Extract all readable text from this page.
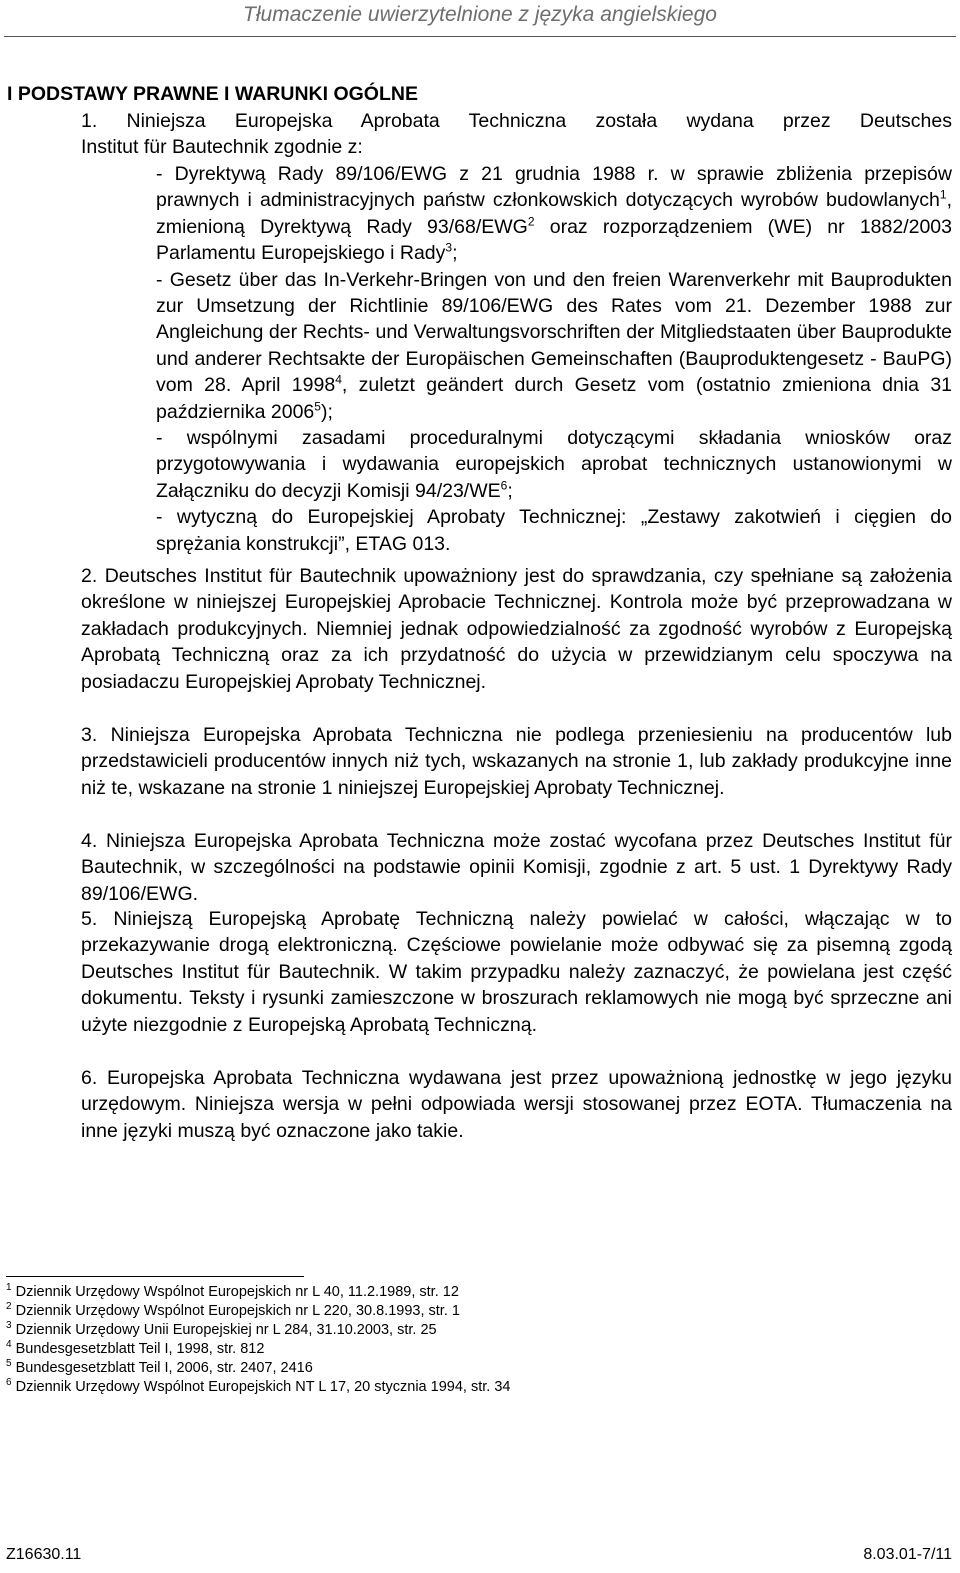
Tłumaczenie uwierzytelnione z języka angielskiego
I PODSTAWY PRAWNE I WARUNKI OGÓLNE

1. Niniejsza Europejska Aprobata Techniczna została wydana przez Deutsches

Institut für Bautechnik zgodnie z:

- Dyrektywą Rady 89/106/EWG z 21 grudnia 1988 r. w sprawie zbliżenia przepisów prawnych i administracyjnych państw członkowskich dotyczących wyrobów budowlanych$^1$, zmienioną Dyrektywą Rady 93/68/EWG$^2$ oraz rozporządzeniem (WE) nr 1882/2003 Parlamentu Europejskiego i Rady$^3$;

- Gesetz über das In-Verkehr-Bringen von und den freien Warenverkehr mit Bauprodukten zur Umsetzung der Richtlinie 89/106/EWG des Rates vom 21. Dezember 1988 zur Angleichung der Rechts- und Verwaltungsvorschriften der Mitgliedstaaten über Bauprodukte und anderer Rechtsakte der Europäischen Gemeinschaften (Bauproduktengesetz - BauPG) vom 28. April 1998$^4$, zuletzt geändert durch Gesetz vom (ostatnio zmieniona dnia 31 października 2006$^5$);

- wspólnymi zasadami proceduralnymi dotyczącymi składania wniosków oraz przygotowywania i wydawania europejskich aprobat technicznych ustanowionymi w Załączniku do decyzji Komisji $94/23/WE^6$;

- wytyczną do Europejskiej Aprobaty Technicznej: „Zestawy zakotwień i cięgien do sprężania konstrukcji”, ETAG 013.

2. Deutsches Institut für Bautechnik upoważniony jest do sprawdzania, czy spełniane są założenia określone w niniejszej Europejskiej Aprobacie Technicznej. Kontrola może być przeprowadzana w zakładach produkcyjnych. Niemniej jednak odpowiedzialność za zgodność wyrobów z Europejską Aprobatą Techniczną oraz za ich przydatność do użycia w przewidzianym celu spoczywa na posiadaczu Europejskiej Aprobaty Technicznej.
3. Niniejsza Europejska Aprobata Techniczna nie podlega przeniesieniu na producentów lub przedstawicieli producentów innych niż tych, wskazanych na stronie 1, lub zakłady produkcyjne inne niż te, wskazane na stronie 1 niniejszej Europejskiej Aprobaty Technicznej.
4. Niniejsza Europejska Aprobata Techniczna może zostać wycofana przez Deutsches Institut für Bautechnik, w szczególności na podstawie opinii Komisji, zgodnie z art. 5 ust. 1 Dyrektywy Rady 89/106/EWG.
5. Niniejszą Europejską Aprobatę Techniczną należy powielać w całości, włączając w to przekazywanie drogą elektroniczną. Częściowe powielanie może odbywać się za pisemną zgodą Deutsches Institut für Bautechnik. W takim przypadku należy zaznaczyć, że powielana jest część dokumentu. Teksty i rysunki zamieszczone w broszurach reklamowych nie mogą być sprzeczne ani użyte niezgodnie z Europejską Aprobatą Techniczną.
6. Europejska Aprobata Techniczna wydawana jest przez upoważnioną jednostkę w jego języku urzędowym. Niniejsza wersja w pełni odpowiada wersji stosowanej przez EOTA. Tłumaczenia na inne języki muszą być oznaczone jako takie.
$^1$ Dziennik Urzędowy Wspólnot Europejskich nr L 40, 11.2.1989, str. 12
$^2$ Dziennik Urzędowy Wspólnot Europejskich nr L 220, 30.8.1993, str. 1
$^3$ Dziennik Urzędowy Unii Europejskiej nr L 284, 31.10.2003, str. 25
$^4$ Bundesgesetzblatt Teil I, 1998, str. 812
$^5$ Bundesgesetzblatt Teil I, 2006, str. 2407, 2416
$^6$ Dziennik Urzędowy Wspólnot Europejskich NT L 17, 20 stycznia 1994, str. 34
Z16630.11	8.03.01-7/11
